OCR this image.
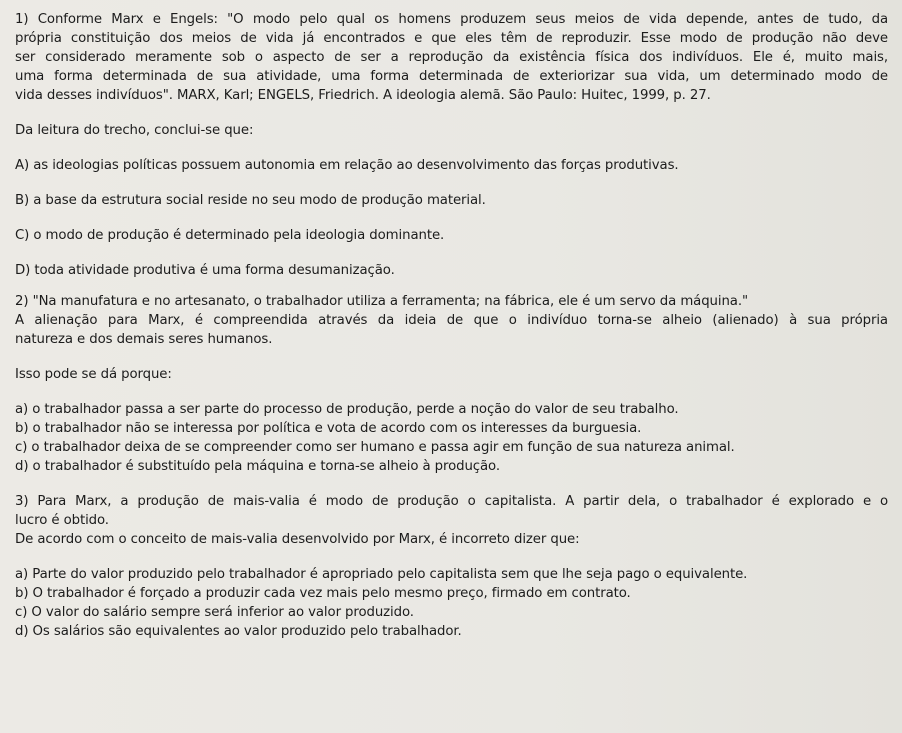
1) Conforme Marx e Engels: "O modo pelo qual os homens produzem seus meios de vida depende, antes de tudo, da
própria constituição dos meios de vida já encontrados e que eles têm de reproduzir. Esse modo de produção não deve
ser considerado meramente sob o aspecto de ser a reprodução da existência física dos indivíduos. Ele é, muito mais,
uma forma determinada de sua atividade, uma forma determinada de exteriorizar sua vida, um determinado modo de
vida desses indivíduos". MARX, Karl; ENGELS, Friedrich. A ideologia alemã. São Paulo: Huitec, 1999, p. 27.
Da leitura do trecho, conclui-se que:
A) as ideologias políticas possuem autonomia em relação ao desenvolvimento das forças produtivas.
B) a base da estrutura social reside no seu modo de produção material.
C) o modo de produção é determinado pela ideologia dominante.
D) toda atividade produtiva é uma forma desumanização.
2) "Na manufatura e no artesanato, o trabalhador utiliza a ferramenta; na fábrica, ele é um servo da máquina."
A alienação para Marx, é compreendida através da ideia de que o indivíduo torna-se alheio (alienado) à sua própria
natureza e dos demais seres humanos.
Isso pode se dá porque:
a) o trabalhador passa a ser parte do processo de produção, perde a noção do valor de seu trabalho.
b) o trabalhador não se interessa por política e vota de acordo com os interesses da burguesia.
c) o trabalhador deixa de se compreender como ser humano e passa agir em função de sua natureza animal.
d) o trabalhador é substituído pela máquina e torna-se alheio à produção.
3) Para Marx, a produção de mais-valia é modo de produção o capitalista. A partir dela, o trabalhador é explorado e o
lucro é obtido.
De acordo com o conceito de mais-valia desenvolvido por Marx, é incorreto dizer que:
a) Parte do valor produzido pelo trabalhador é apropriado pelo capitalista sem que lhe seja pago o equivalente.
b) O trabalhador é forçado a produzir cada vez mais pelo mesmo preço, firmado em contrato.
c) O valor do salário sempre será inferior ao valor produzido.
d) Os salários são equivalentes ao valor produzido pelo trabalhador.
